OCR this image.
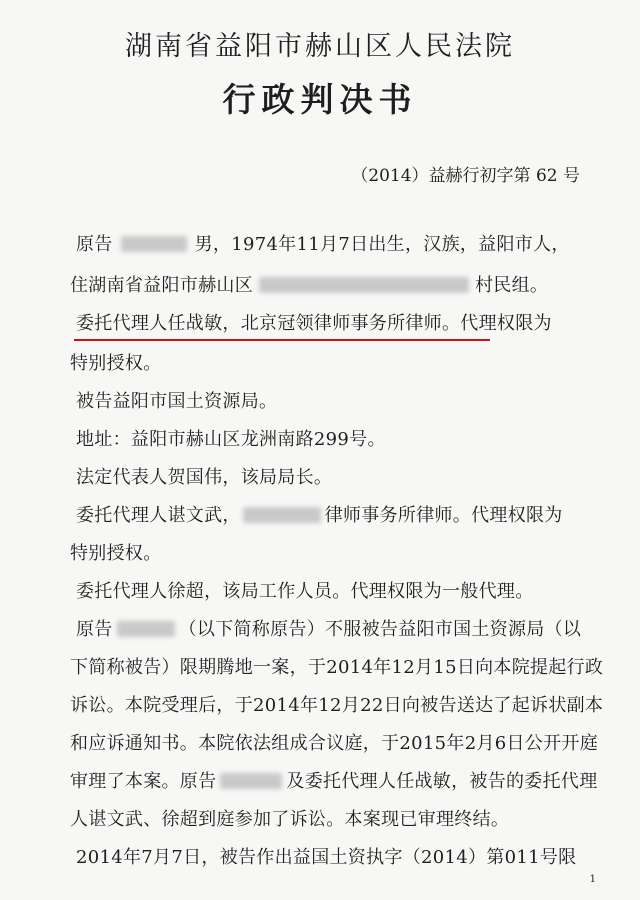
湖南省益阳市赫山区人民法院
行政判决书
（2014）益赫行初字第 62 号
原告	男，1974年11月7日出生，汉族，益阳市人，
住湖南省益阳市赫山区	村民组。
委托代理人任战敏，北京冠领律师事务所律师。代理权限为
特别授权。
被告益阳市国土资源局。
地址：益阳市赫山区龙洲南路299号。
法定代表人贺国伟，该局局长。
委托代理人谌文武，	律师事务所律师。代理权限为
特别授权。
委托代理人徐超，该局工作人员。代理权限为一般代理。
原告	（以下简称原告）不服被告益阳市国土资源局（以
下简称被告）限期腾地一案，于2014年12月15日向本院提起行政
诉讼。本院受理后，于2014年12月22日向被告送达了起诉状副本
和应诉通知书。本院依法组成合议庭，于2015年2月6日公开开庭
审理了本案。原告	及委托代理人任战敏，被告的委托代理
人谌文武、徐超到庭参加了诉讼。本案现已审理终结。
2014年7月7日，被告作出益国土资执字（2014）第011号限
1
